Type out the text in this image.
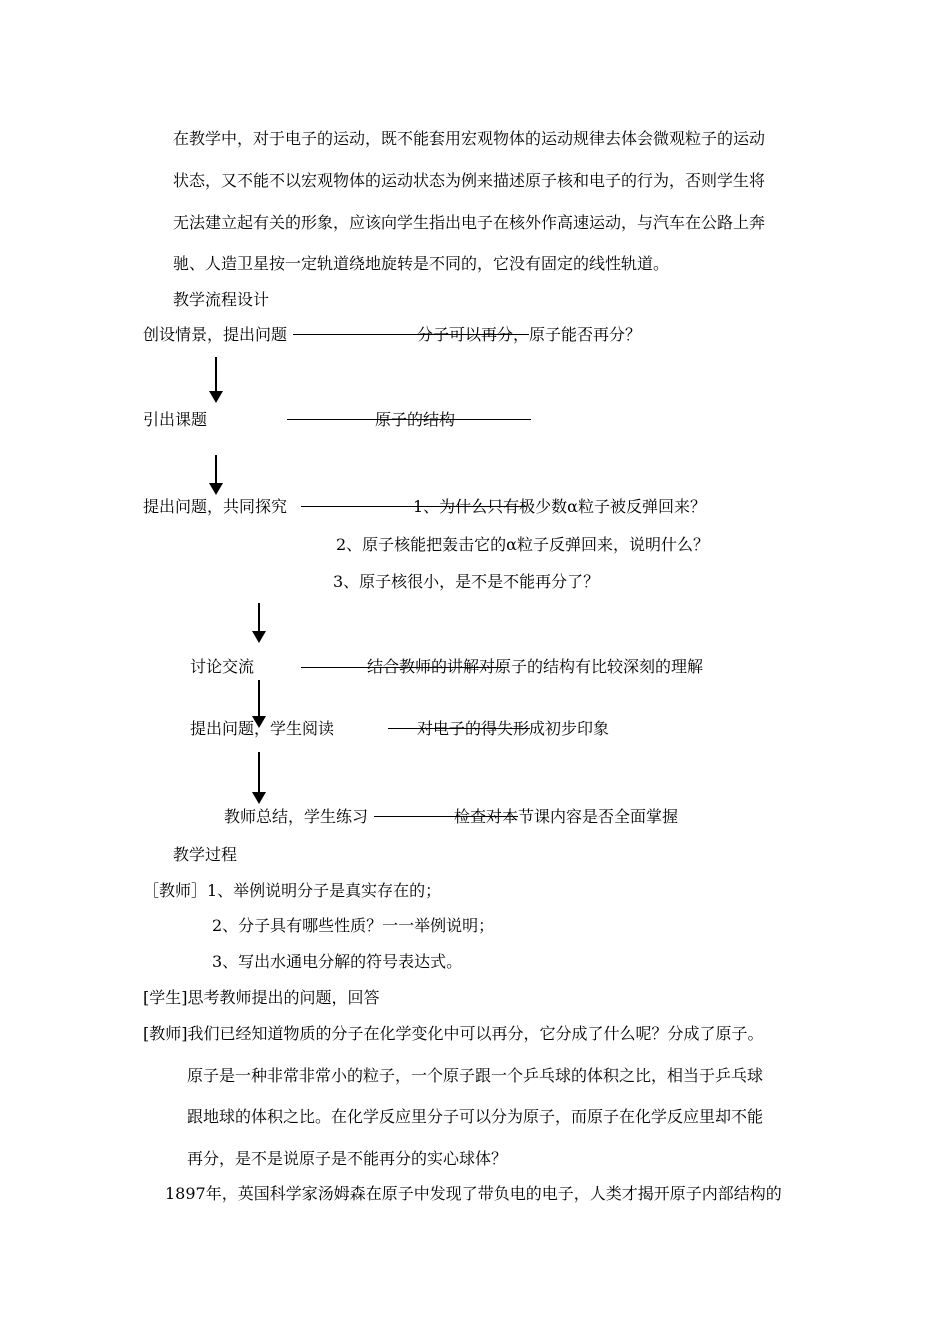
在教学中，对于电子的运动，既不能套用宏观物体的运动规律去体会微观粒子的运动
状态，又不能不以宏观物体的运动状态为例来描述原子核和电子的行为，否则学生将
无法建立起有关的形象，应该向学生指出电子在核外作高速运动，与汽车在公路上奔
驰、人造卫星按一定轨道绕地旋转是不同的，它没有固定的线性轨道。
教学流程设计
创设情景，提出问题	分子可以再分，原子能否再分？
引出课题	原子的结构
提出问题，共同探究	1、为什么只有极少数α粒子被反弹回来？
2、原子核能把轰击它的α粒子反弹回来，说明什么？
3、原子核很小，是不是不能再分了？
讨论交流	结合教师的讲解对原子的结构有比较深刻的理解
提出问题，学生阅读	对电子的得失形成初步印象
教师总结，学生练习	检查对本节课内容是否全面掌握
教学过程
［教师］1、举例说明分子是真实存在的；
2、分子具有哪些性质？一一举例说明；
3、写出水通电分解的符号表达式。
[学生]思考教师提出的问题，回答
[教师]我们已经知道物质的分子在化学变化中可以再分，它分成了什么呢？分成了原子。
原子是一种非常非常小的粒子，一个原子跟一个乒乓球的体积之比，相当于乒乓球
跟地球的体积之比。在化学反应里分子可以分为原子，而原子在化学反应里却不能
再分，是不是说原子是不能再分的实心球体？
1897年，英国科学家汤姆森在原子中发现了带负电的电子，人类才揭开原子内部结构的
